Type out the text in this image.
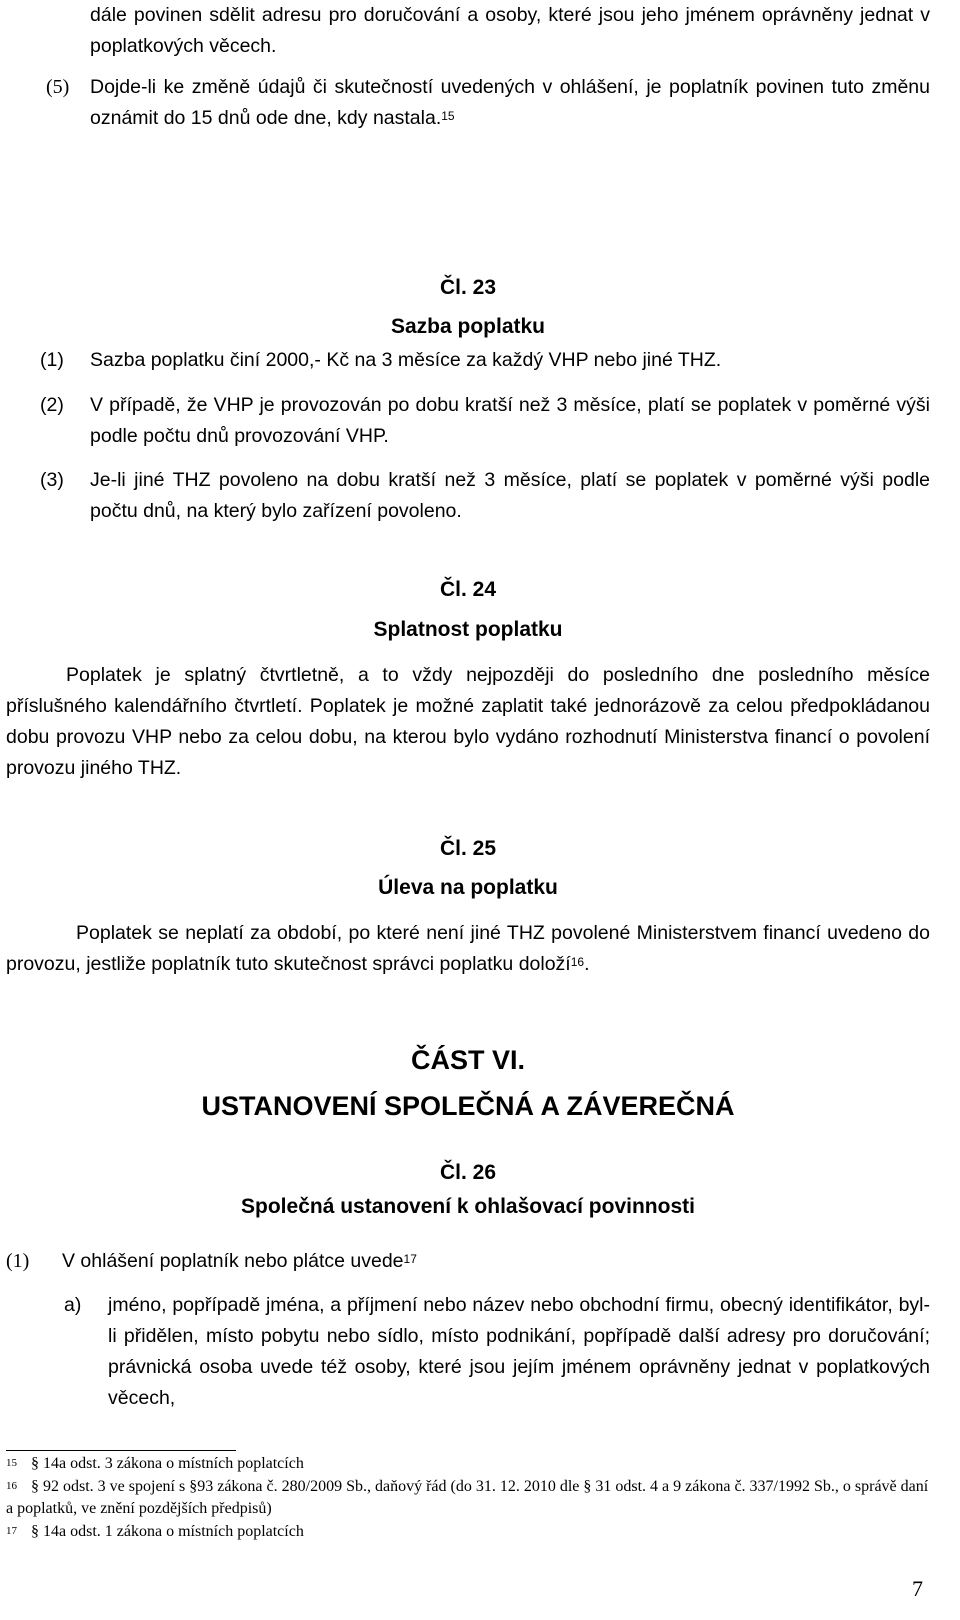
dále povinen sdělit adresu pro doručování a osoby, které jsou jeho jménem oprávněny jednat v poplatkových věcech.
(5) Dojde-li ke změně údajů či skutečností uvedených v ohlášení, je poplatník povinen tuto změnu oznámit do 15 dnů ode dne, kdy nastala.$^{15}$
Čl. 23
Sazba poplatku
(1) Sazba poplatku činí 2000,- Kč na 3 měsíce za každý VHP nebo jiné THZ.
(2) V případě, že VHP je provozován po dobu kratší než 3 měsíce, platí se poplatek v poměrné výši podle počtu dnů provozování VHP.
(3) Je-li jiné THZ povoleno na dobu kratší než 3 měsíce, platí se poplatek v poměrné výši podle počtu dnů, na který bylo zařízení povoleno.
Čl. 24
Splatnost poplatku
Poplatek je splatný čtvrtletně, a to vždy nejpozději do posledního dne posledního měsíce příslušného kalendářního čtvrtletí. Poplatek je možné zaplatit také jednorázově za celou předpokládanou dobu provozu VHP nebo za celou dobu, na kterou bylo vydáno rozhodnutí Ministerstva financí o povolení provozu jiného THZ.
Čl. 25
Úleva na poplatku
Poplatek se neplatí za období, po které není jiné THZ povolené Ministerstvem financí uvedeno do provozu, jestliže poplatník tuto skutečnost správci poplatku doloží$^{16}$.
ČÁST VI.
USTANOVENÍ SPOLEČNÁ A ZÁVEREČNÁ
Čl. 26
Společná ustanovení k ohlašovací povinnosti
(1) V ohlášení poplatník nebo plátce uvede$^{17}$
a) jméno, popřípadě jména, a příjmení nebo název nebo obchodní firmu, obecný identifikátor, byl-li přidělen, místo pobytu nebo sídlo, místo podnikání, popřípadě další adresy pro doručování; právnická osoba uvede též osoby, které jsou jejím jménem oprávněny jednat v poplatkových věcech,
$^{15}$ § 14a odst. 3 zákona o místních poplatcích
$^{16}$ § 92 odst. 3 ve spojení s §93 zákona č. 280/2009 Sb., daňový řád (do 31. 12. 2010 dle § 31 odst. 4 a 9 zákona č. 337/1992 Sb., o správě daní a poplatků, ve znění pozdějších předpisů)
$^{17}$ § 14a odst. 1 zákona o místních poplatcích
7
